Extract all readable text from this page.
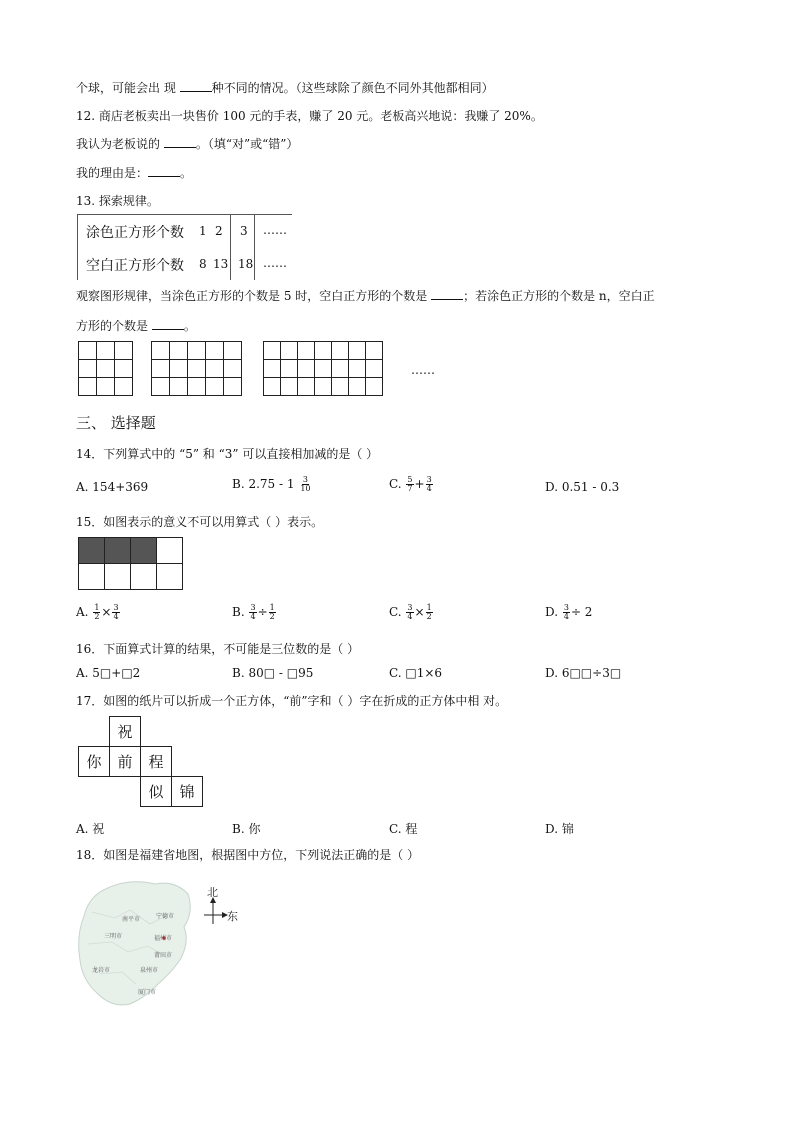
个球，可能会出 现	种不同的情况。（这些球除了颜色不同外其他都相同）
12. 商店老板卖出一块售价 100 元的手表，赚了 20 元。老板高兴地说：我赚了 20%。
我认为老板说的	。（填“对”或“错”）
我的理由是：	。
13. 探索规律。
涂色正方形个数 1 2 3 ……
空白正方形个数 8 13 18 ……
观察图形规律，当涂色正方形的个数是 5 时，空白正方形的个数是	；若涂色正方形的个数是 n，空白正
方形的个数是	。

……
三、 选择题
14．下列算式中的 “5” 和 “3” 可以直接相加减的是（ ）
A. 154+369	B. $2.75 - 1 \frac{3}{10}$	C. $\frac{5}{7} + \frac{3}{4}$	D. 0.51 - 0.3
15．如图表示的意义不可以用算式（ ）表示。

A. $\frac{1}{2} \times \frac{3}{4}$	B. $\frac{3}{4} \div \frac{1}{2}$	C. $\frac{3}{4} \times \frac{1}{2}$	D. $\frac{3}{4} \div 2$
16．下面算式计算的结果，不可能是三位数的是（ ）
A. 5□+□2	B. 80□ - □95	C. □1×6	D. 6□□÷3□
17．如图的纸片可以折成一个正方体，“前”字和（ ）字在折成的正方体中相 对。
	祝		
你	前	程	
		似	锦
A. 祝	B. 你	C. 程	D. 锦
18．如图是福建省地图，根据图中方位，下列说法正确的是（ ）
南平市	宁德市
三明市	福州市
莆田市
龙岩市	泉州市
厦门市
北
东
